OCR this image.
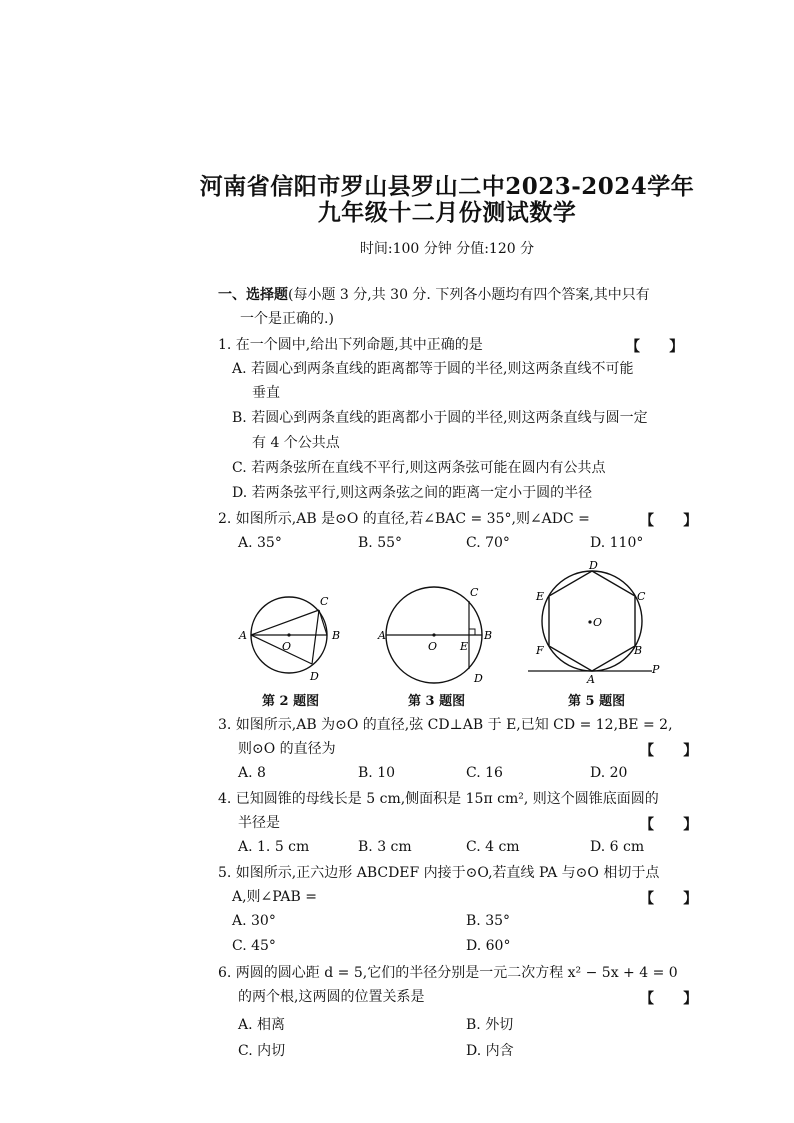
河南省信阳市罗山县罗山二中2023-2024学年
九年级十二月份测试数学
时间:100 分钟 分值:120 分
一、选择题(每小题 3 分,共 30 分. 下列各小题均有四个答案,其中只有
一个是正确的.)
1. 在一个圆中,给出下列命题,其中正确的是	【      】
A. 若圆心到两条直线的距离都等于圆的半径,则这两条直线不可能
垂直
B. 若圆心到两条直线的距离都小于圆的半径,则这两条直线与圆一定
有 4 个公共点
C. 若两条弦所在直线不平行,则这两条弦可能在圆内有公共点
D. 若两条弦平行,则这两条弦之间的距离一定小于圆的半径
2. 如图所示,AB 是⊙O 的直径,若∠BAC = 35°,则∠ADC =	【      】
A. 35°	B. 55°	C. 70°	D. 110°
A	B
C
D
O
第 2 题图
A	B
C
D
E
O
第 3 题图
D
C
B
A
F
E
O
P
第 5 题图
3. 如图所示,AB 为⊙O 的直径,弦 CD⊥AB 于 E,已知 CD = 12,BE = 2,
则⊙O 的直径为	【      】
A. 8	B. 10	C. 16	D. 20
4. 已知圆锥的母线长是 5 cm,侧面积是 15π cm², 则这个圆锥底面圆的
半径是	【      】
A. 1. 5 cm	B. 3 cm	C. 4 cm	D. 6 cm
5. 如图所示,正六边形 ABCDEF 内接于⊙O,若直线 PA 与⊙O 相切于点
A,则∠PAB =	【      】
A. 30°	B. 35°
C. 45°	D. 60°
6. 两圆的圆心距 d = 5,它们的半径分别是一元二次方程 x² − 5x + 4 = 0
的两个根,这两圆的位置关系是	【      】
A. 相离	B. 外切
C. 内切	D. 内含
